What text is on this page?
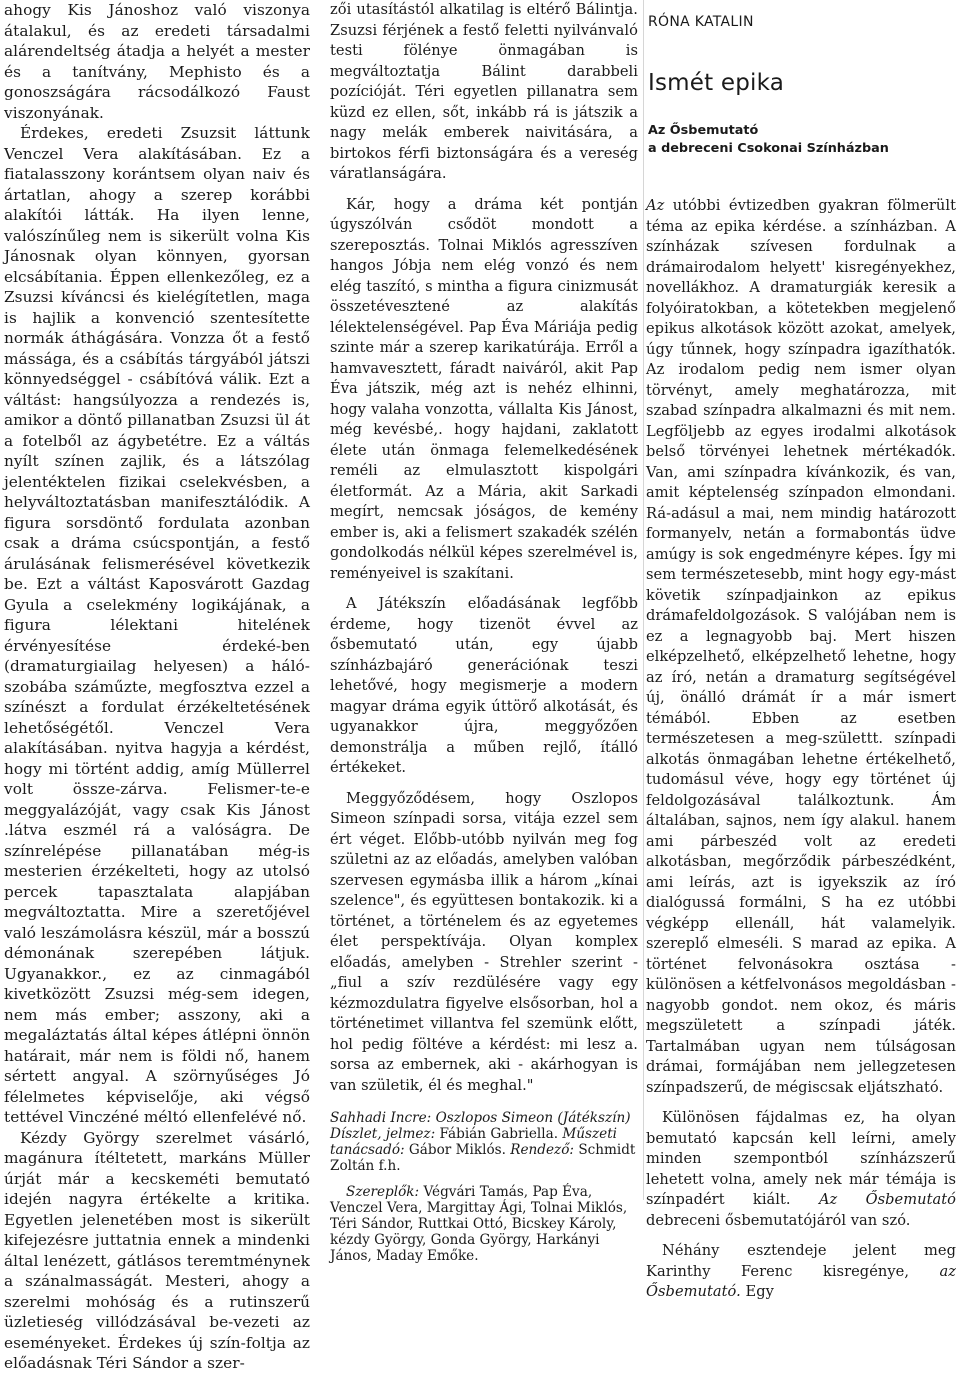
ahogy Kis Jánoshoz való viszonya átalakul, és az eredeti társadalmi alárendeltség átadja a helyét a mester és a tanítvány, Mephisto és a gonoszságára rácsodálkozó Faust viszonyának.

Érdekes, eredeti Zsuzsit láttunk Venczel Vera alakításában. Ez a fiatalasszony korántsem olyan naiv és ártatlan, ahogy a szerep korábbi alakítói látták. Ha ilyen lenne, valószínűleg nem is sikerült volna Kis Jánosnak olyan könnyen, gyorsan elcsábítania. Éppen ellenkezőleg, ez a Zsuzsi kíváncsi és kielégítetlen, maga is hajlik a konvenció szentesítette normák áthágására. Vonzza őt a festő mássága, és a csábítás tárgyából játszi könnyedséggel - csábítóvá válik. Ezt a váltást: hangsúlyozza a rendezés is, amikor a döntő pillanatban Zsuzsi ül át a fotelből az ágybetétre. Ez a váltás nyílt színen zajlik, és a látszólag jelentéktelen fizikai cselekvésben, a helyváltoztatásban manifesztálódik. A figura sorsdöntő fordulata azonban csak a dráma csúcspontján, a festő árulásának felismerésével következik be. Ezt a váltást Kaposvárott Gazdag Gyula a cselekmény logikájának, a figura lélektani hitelének érvényesítése érdeké-ben (dramaturgiailag helyesen) a háló-szobába száműzte, megfosztva ezzel a színészt a fordulat érzékeltetésének lehetőségétől. Venczel Vera alakításában. nyitva hagyja a kérdést, hogy mi történt addig, amíg Müllerrel volt össze-zárva. Felismer-te-e meggyalázóját, vagy csak Kis Jánost .látva eszmél rá a valóságra. De színrelépése pillanatában még-is mesterien érzékelteti, hogy az utolsó percek tapasztalata alapjában megváltoztatta. Mire a szeretőjével való leszámolásra készül, már a bosszú démonának szerepében látjuk. Ugyanakkor., ez az cinmagából kivetközött Zsuzsi még-sem idegen, nem más ember; asszony, aki a megaláztatás által képes átlépni önnön határait, már nem is földi nő, hanem sértett angyal. A szörnyűséges Jó félelmetes képviselője, aki végső tettével Vinczéné méltó ellenfelévé nő.

Kézdy György szerelmet vásárló, magánura ítéltetett, markáns Müller úrját már a kecskeméti bemutató idején nagyra értékelte a kritika. Egyetlen jelenetében most is sikerült kifejezésre juttatnia ennek a mindenki által lenézett, gátlásos teremtménynek a szánalmasságát. Mesteri, ahogy a szerelmi mohóság és a rutinszerű üzletieség villódzásával be-vezeti az eseményeket. Érdekes új szín-foltja az előadásnak Téri Sándor a szer-

zői utasítástól alkatilag is eltérő Bálintja. Zsuzsi férjének a festő feletti nyilvánvaló testi fölénye önmagában is megváltoztatja Bálint darabbeli pozícióját. Téri egyetlen pillanatra sem küzd ez ellen, sőt, inkább rá is játszik a nagy melák emberek naivitására, a birtokos férfi biztonságára és a vereség váratlanságára.

Kár, hogy a dráma két pontján úgyszólván csődöt mondott a szereposztás. Tolnai Miklós agresszíven hangos Jóbja nem elég vonzó és nem elég taszító, s mintha a figura cinizmusát összetévesztené az alakítás lélektelenségével. Pap Éva Máriája pedig szinte már a szerep karikatúrája. Erről a hamvavesztett, fáradt naiváról, akit Pap Éva játszik, még azt is nehéz elhinni, hogy valaha vonzotta, vállalta Kis Jánost, még kevésbé,. hogy hajdani, zaklatott élete után önmaga felemelkedésének reméli az elmulasztott kispolgári életformát. Az a Mária, akit Sarkadi megírt, nemcsak jóságos, de kemény ember is, aki a felismert szakadék szélén gondolkodás nélkül képes szerelmével is, reményeivel is szakítani.

A Játékszín előadásának legfőbb érdeme, hogy tizenöt évvel az ősbemutató után, egy újabb színházbajáró generációnak teszi lehetővé, hogy megismerje a modern magyar dráma egyik úttörő alkotását, és ugyanakkor újra, meggyőzően demonstrálja a műben rejlő, ítálló értékeket.

Meggyőződésem, hogy Oszlopos Simeon színpadi sorsa, vitája ezzel sem ért véget. Előbb-utóbb nyilván meg fog születni az az előadás, amelyben valóban szervesen egymásba illik a három „kínai szelence", és együttesen bontakozik. ki a történet, a történelem és az egyetemes élet perspektívája. Olyan komplex előadás, amelyben - Strehler szerint - „fiul a szív rezdülésére vagy egy kézmozdulatra figyelve elsősorban, hol a történetimet villantva fel szemünk előtt, hol pedig föltéve a kérdést: mi lesz a. sorsa az embernek, aki - akárhogyan is van születik, él és meghal."

Sahhadi Incre: Oszlopos Simeon (Játékszín)
Díszlet, jelmez: Fábián Gabriella. Műszeti tanácsadó: Gábor Miklós. Rendező: Schmidt Zoltán f.h.
Szereplők: Végvári Tamás, Pap Éva, Venczel Vera, Margittay Ági, Tolnai Miklós, Téri Sándor, Ruttkai Ottó, Bicskey Károly, kézdy György, Gonda György, Harkányi János, Maday Emőke.
RÓNA KATALIN
Ismét epika
Az Ősbemutató
a debreceni Csokonai Színházban

Az utóbbi évtizedben gyakran fölmerült téma az epika kérdése. a színházban. A színházak szívesen fordulnak a drámairodalom helyett' kisregényekhez, novellákhoz. A dramaturgiák keresik a folyóiratokban, a kötetekben megjelenő epikus alkotások között azokat, amelyek, úgy tűnnek, hogy színpadra igazíthatók. Az irodalom pedig nem ismer olyan törvényt, amely meghatározza, mit szabad színpadra alkalmazni és mit nem. Legföljebb az egyes irodalmi alkotások belső törvényei lehetnek mértékadók. Van, ami színpadra kívánkozik, és van, amit képtelenség színpadon elmondani. Rá-adásul a mai, nem mindig határozott formanyelv, netán a formabontás üdve amúgy is sok engedményre képes. Így mi sem természetesebb, mint hogy egy-mást követik színpadjainkon az epikus drámafeldolgozások. S valójában nem is ez a legnagyobb baj. Mert hiszen elképzelhető, elképzelhető lehetne, hogy az író, netán a dramaturg segítségével új, önálló drámát ír a már ismert témából. Ebben az esetben természetesen a meg-születtt. színpadi alkotás önmagában lehetne értékelhető, tudomásul véve, hogy egy történet új feldolgozásával találkoztunk. Ám általában, sajnos, nem így alakul. hanem ami párbeszéd volt az eredeti alkotásban, megőrződik párbeszédként, ami leírás, azt is igyekszik az író dialógussá formálni, S ha ez utóbbi végképp ellenáll, hát valamelyik. szereplő elmeséli. S marad az epika. A történet felvonásokra osztása - különösen a kétfelvonásos megoldásban - nagyobb gondot. nem okoz, és máris megszületett a színpadi játék. Tartalmában ugyan nem túlságosan drámai, formájában nem jellegzetesen színpadszerű, de mégiscsak eljátszható.

Különösen fájdalmas ez, ha olyan bemutató kapcsán kell leírni, amely minden szempontból színházszerű lehetett volna, amely nek már témája is színpadért kiált. Az Ősbemutató debreceni ősbemutatójáról van szó.

Néhány esztendeje jelent meg Karinthy Ferenc kisregénye, az Ősbemutató. Egy
